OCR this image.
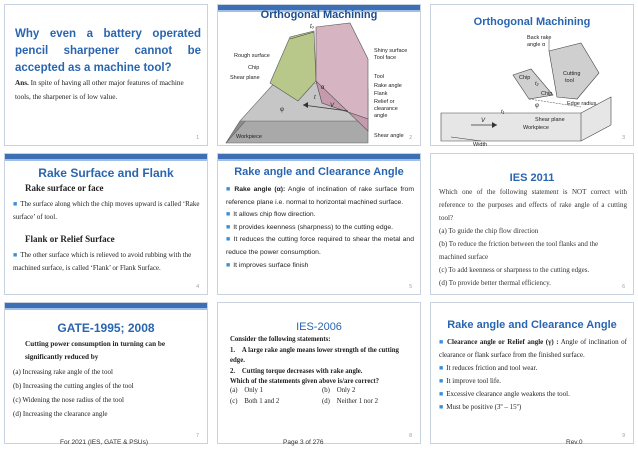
Why even a battery operated pencil sharpener cannot be accepted as a machine tool?
Ans. In spite of having all other major features of machine tools, the sharpener is of low value.
1
Orthogonal Machining
Rough surface
Chip
Shear plane
Workpiece
Shiny surface
Tool face
Tool
Rake angle
Flank
Relief or
clearance
angle
Shear angle
tₒ
t
φ
α
V
2
Orthogonal Machining
Back rake
angle α
Chip
Chip
Cutting
tool
Edge radius
Shear plane
Workpiece
Width
V
φ
t₂
t₁
3
Rake Surface and Flank
Rake surface or face
■ The surface along which the chip moves upward is called ‘Rake surface’ of tool.
Flank or Relief Surface
■ The other surface which is relieved to avoid rubbing with the machined surface, is called ‘Flank’ or Flank Surface.
4
Rake angle and Clearance Angle
■ Rake angle (α): Angle of inclination of rake surface from reference plane i.e. normal to horizontal machined surface.
■ It allows chip flow direction.
■ It provides keenness (sharpness) to the cutting edge.
■ It reduces the cutting force required to shear the metal and reduce the power consumption.
■ It improves surface finish
5
IES 2011
Which one of the following statement is NOT correct with reference to the purposes and effects of rake angle of a cutting tool?
(a) To guide the chip flow direction
(b) To reduce the friction between the tool flanks and the machined surface
(c) To add keenness or sharpness to the cutting edges.
(d) To provide better thermal efficiency.	6
GATE-1995; 2008
Cutting power consumption in turning can be significantly reduced by
(a) Increasing rake angle of the tool
(b) Increasing the cutting angles of the tool
(c) Widening the nose radius of the tool
(d) Increasing the clearance angle
7
IES-2006
Consider the following statements:
1. A large rake angle means lower strength of the cutting edge.
2. Cutting torque decreases with rake angle.
Which of the statements given above is/are correct?
(a) Only 1	(b) Only 2
(c) Both 1 and 2	(d) Neither 1 nor 2
8
Rake angle and Clearance Angle
■ Clearance angle or Relief angle (γ) : Angle of inclination of clearance or flank surface from the finished surface.
■ It reduces friction and tool wear.
■ It improve tool life.
■ Excessive clearance angle weakens the tool.
■ Must be positive (3º – 15º)
9
For 2021 (IES, GATE & PSUs)	Page 3 of 276	Rev.0
